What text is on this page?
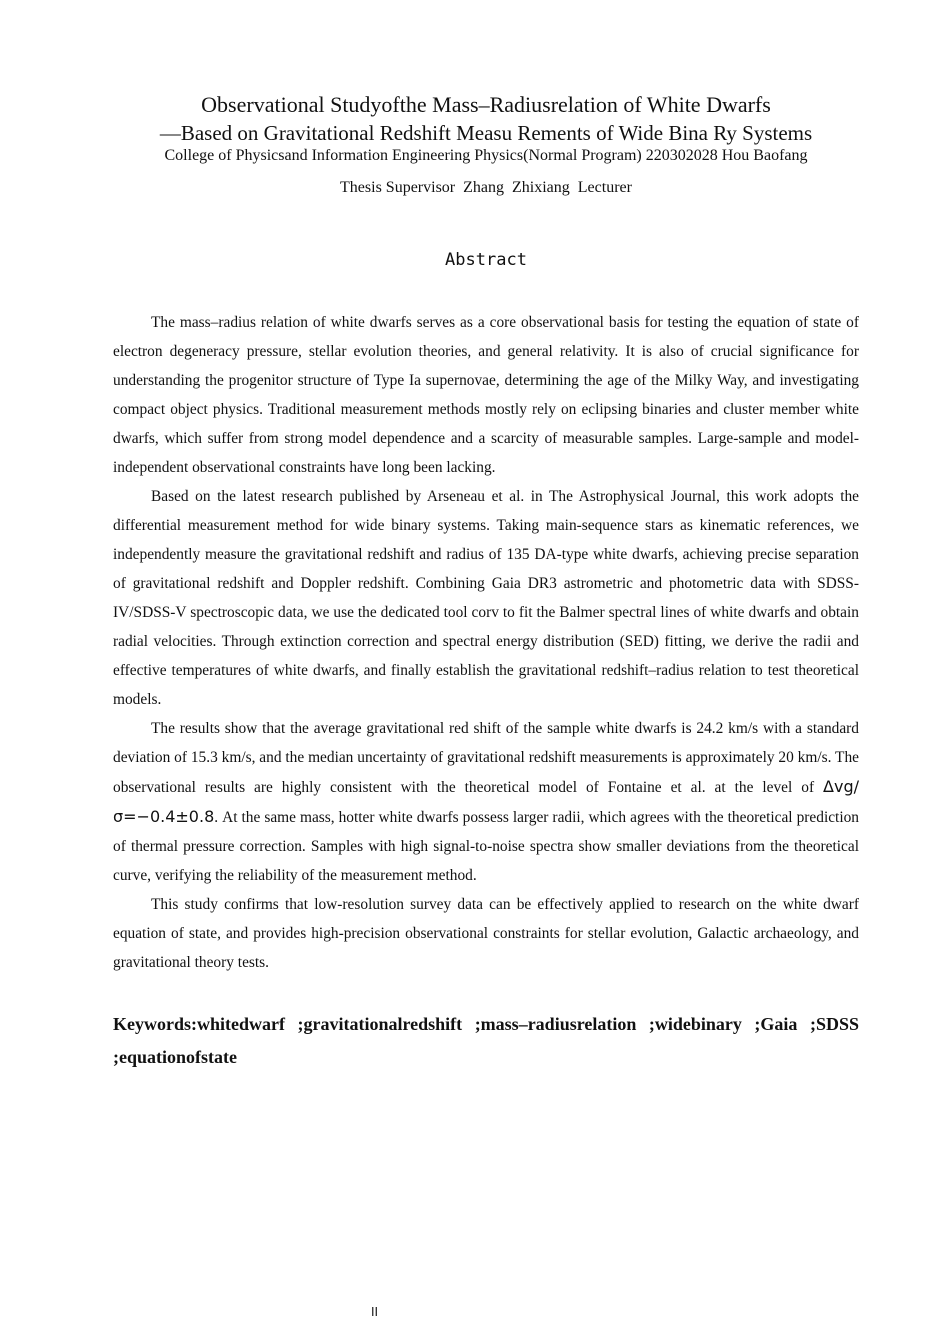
Observational Studyofthe Mass–Radiusrelation of White Dwarfs
—Based on Gravitational Redshift Measu Rements of Wide Bina Ry Systems
College of Physicsand Information Engineering Physics(Normal Program) 220302028 Hou Baofang
Thesis Supervisor  Zhang  Zhixiang  Lecturer
Abstract

The mass–radius relation of white dwarfs serves as a core observational basis for testing the equation of state of electron degeneracy pressure, stellar evolution theories, and general relativity. It is also of crucial significance for understanding the progenitor structure of Type Ia supernovae, determining the age of the Milky Way, and investigating compact object physics. Traditional measurement methods mostly rely on eclipsing binaries and cluster member white dwarfs, which suffer from strong model dependence and a scarcity of measurable samples. Large-sample and model-independent observational constraints have long been lacking.

Based on the latest research published by Arseneau et al. in The Astrophysical Journal, this work adopts the differential measurement method for wide binary systems. Taking main-sequence stars as kinematic references, we independently measure the gravitational redshift and radius of 135 DA-type white dwarfs, achieving precise separation of gravitational redshift and Doppler redshift. Combining Gaia DR3 astrometric and photometric data with SDSS-IV/SDSS-V spectroscopic data, we use the dedicated tool corv to fit the Balmer spectral lines of white dwarfs and obtain radial velocities. Through extinction correction and spectral energy distribution (SED) fitting, we derive the radii and effective temperatures of white dwarfs, and finally establish the gravitational redshift–radius relation to test theoretical models.

The results show that the average gravitational red shift of the sample white dwarfs is 24.2 km/s with a standard deviation of 15.3 km/s, and the median uncertainty of gravitational redshift measurements is approximately 20 km/s. The observational results are highly consistent with the theoretical model of Fontaine et al. at the level of Δvg/σ=−0.4±0.8. At the same mass, hotter white dwarfs possess larger radii, which agrees with the theoretical prediction of thermal pressure correction. Samples with high signal-to-noise spectra show smaller deviations from the theoretical curve, verifying the reliability of the measurement method.

This study confirms that low-resolution survey data can be effectively applied to research on the white dwarf equation of state, and provides high-precision observational constraints for stellar evolution, Galactic archaeology, and gravitational theory tests.

Keywords:whitedwarf ;gravitationalredshift ;mass–radiusrelation ;widebinary ;Gaia ;SDSS ;equationofstate
II
